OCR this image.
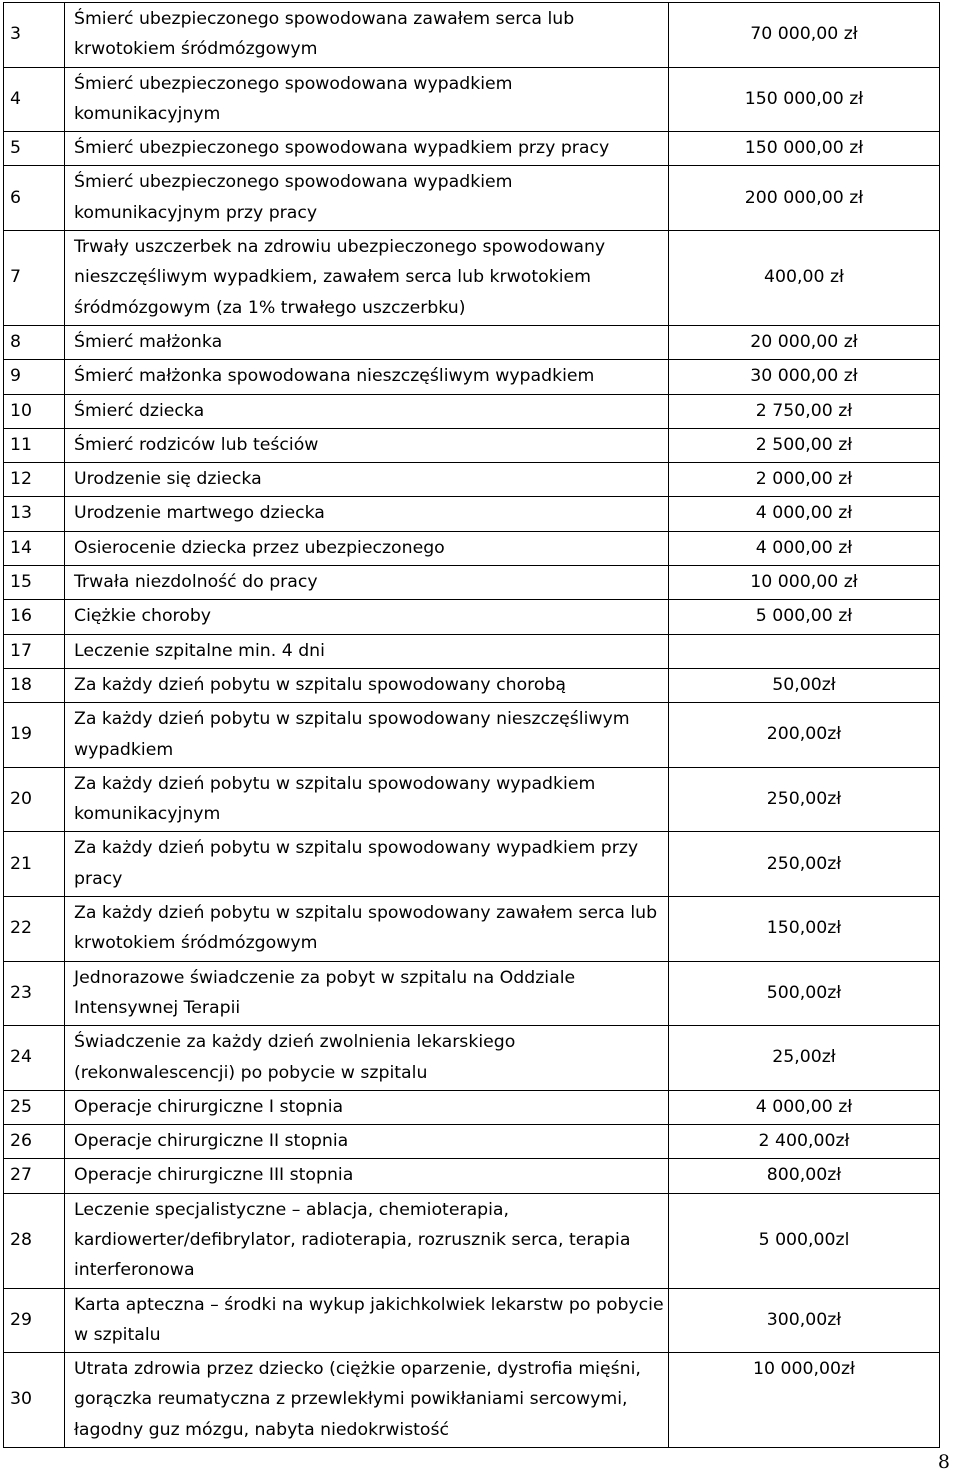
3	Śmierć ubezpieczonego spowodowana zawałem serca lub krwotokiem śródmózgowym	70 000,00 zł
4	Śmierć ubezpieczonego spowodowana wypadkiem komunikacyjnym	150 000,00 zł
5	Śmierć ubezpieczonego spowodowana wypadkiem przy pracy	150 000,00 zł
6	Śmierć ubezpieczonego spowodowana wypadkiem komunikacyjnym przy pracy	200 000,00 zł
7	Trwały uszczerbek na zdrowiu ubezpieczonego spowodowany nieszczęśliwym wypadkiem, zawałem serca lub krwotokiem śródmózgowym (za 1% trwałego uszczerbku)	400,00 zł
8	Śmierć małżonka	20 000,00 zł
9	Śmierć małżonka spowodowana nieszczęśliwym wypadkiem	30 000,00 zł
10	Śmierć dziecka	2 750,00 zł
11	Śmierć rodziców lub teściów	2 500,00 zł
12	Urodzenie się dziecka	2 000,00 zł
13	Urodzenie martwego dziecka	4 000,00 zł
14	Osierocenie dziecka przez ubezpieczonego	4 000,00 zł
15	Trwała niezdolność do pracy	10 000,00 zł
16	Ciężkie choroby	5 000,00 zł
17	Leczenie szpitalne min. 4 dni	
18	Za każdy dzień pobytu w szpitalu spowodowany chorobą	50,00zł
19	Za każdy dzień pobytu w szpitalu spowodowany nieszczęśliwym wypadkiem	200,00zł
20	Za każdy dzień pobytu w szpitalu spowodowany wypadkiem komunikacyjnym	250,00zł
21	Za każdy dzień pobytu w szpitalu spowodowany wypadkiem przy pracy	250,00zł
22	Za każdy dzień pobytu w szpitalu spowodowany zawałem serca lub krwotokiem śródmózgowym	150,00zł
23	Jednorazowe świadczenie za pobyt w szpitalu na Oddziale Intensywnej Terapii	500,00zł
24	Świadczenie za każdy dzień zwolnienia lekarskiego (rekonwalescencji) po pobycie w szpitalu	25,00zł
25	Operacje chirurgiczne I stopnia	4 000,00 zł
26	Operacje chirurgiczne II stopnia	2 400,00zł
27	Operacje chirurgiczne III stopnia	800,00zł
28	Leczenie specjalistyczne – ablacja, chemioterapia, kardiowerter/defibrylator, radioterapia, rozrusznik serca, terapia interferonowa	5 000,00zl
29	Karta apteczna – środki na wykup jakichkolwiek lekarstw po pobycie w szpitalu	300,00zł
30	Utrata zdrowia przez dziecko (ciężkie oparzenie, dystrofia mięśni, gorączka reumatyczna z przewlekłymi powikłaniami sercowymi, łagodny guz mózgu, nabyta niedokrwistość	10 000,00zł
8
